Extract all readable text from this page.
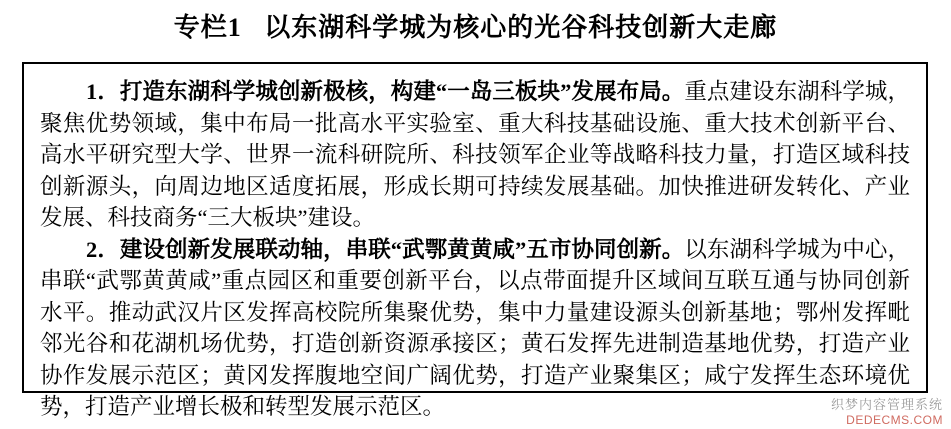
专栏1 以东湖科学城为核心的光谷科技创新大走廊

1．打造东湖科学城创新极核，构建“一岛三板块”发展布局。重点建设东湖科学城，聚焦优势领域，集中布局一批高水平实验室、重大科技基础设施、重大技术创新平台、高水平研究型大学、世界一流科研院所、科技领军企业等战略科技力量，打造区域科技创新源头，向周边地区适度拓展，形成长期可持续发展基础。加快推进研发转化、产业发展、科技商务“三大板块”建设。

2．建设创新发展联动轴，串联“武鄂黄黄咸”五市协同创新。以东湖科学城为中心，串联“武鄂黄黄咸”重点园区和重要创新平台，以点带面提升区域间互联互通与协同创新水平。推动武汉片区发挥高校院所集聚优势，集中力量建设源头创新基地；鄂州发挥毗邻光谷和花湖机场优势，打造创新资源承接区；黄石发挥先进制造基地优势，打造产业协作发展示范区；黄冈发挥腹地空间广阔优势，打造产业聚集区；咸宁发挥生态环境优势，打造产业增长极和转型发展示范区。	织梦内容管理系统
DEDECMS.COM
